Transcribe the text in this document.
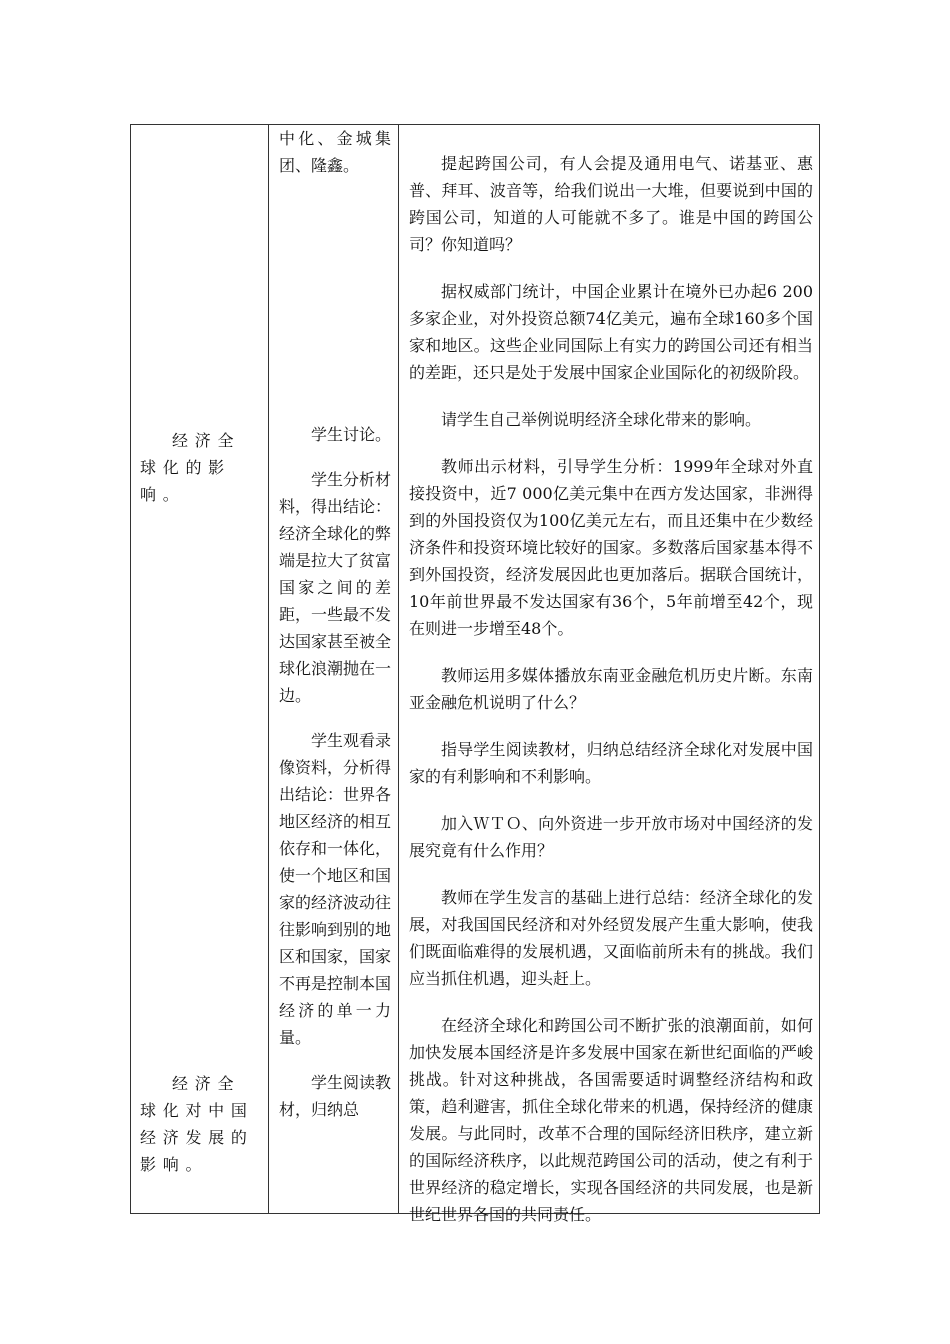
经济全球化的影响。

经济全球化对中国经济发展的影响。

中化、金城集团、隆鑫。

学生讨论。

学生分析材料，得出结论：经济全球化的弊端是拉大了贫富国家之间的差距，一些最不发达国家甚至被全球化浪潮抛在一边。

学生观看录像资料，分析得出结论：世界各地区经济的相互依存和一体化，使一个地区和国家的经济波动往往影响到别的地区和国家，国家不再是控制本国经济的单一力量。

学生阅读教材，归纳总

提起跨国公司，有人会提及通用电气、诺基亚、惠普、拜耳、波音等，给我们说出一大堆，但要说到中国的跨国公司，知道的人可能就不多了。谁是中国的跨国公司？你知道吗？

据权威部门统计，中国企业累计在境外已办起6 200多家企业，对外投资总额74亿美元，遍布全球160多个国家和地区。这些企业同国际上有实力的跨国公司还有相当的差距，还只是处于发展中国家企业国际化的初级阶段。

请学生自己举例说明经济全球化带来的影响。

教师出示材料，引导学生分析：1999年全球对外直接投资中，近7 000亿美元集中在西方发达国家，非洲得到的外国投资仅为100亿美元左右，而且还集中在少数经济条件和投资环境比较好的国家。多数落后国家基本得不到外国投资，经济发展因此也更加落后。据联合国统计，10年前世界最不发达国家有36个，5年前增至42个，现在则进一步增至48个。

教师运用多媒体播放东南亚金融危机历史片断。东南亚金融危机说明了什么？

指导学生阅读教材，归纳总结经济全球化对发展中国家的有利影响和不利影响。

加入ＷＴＯ、向外资进一步开放市场对中国经济的发展究竟有什么作用？

教师在学生发言的基础上进行总结：经济全球化的发展，对我国国民经济和对外经贸发展产生重大影响，使我们既面临难得的发展机遇，又面临前所未有的挑战。我们应当抓住机遇，迎头赶上。

在经济全球化和跨国公司不断扩张的浪潮面前，如何加快发展本国经济是许多发展中国家在新世纪面临的严峻挑战。针对这种挑战，各国需要适时调整经济结构和政策，趋利避害，抓住全球化带来的机遇，保持经济的健康发展。与此同时，改革不合理的国际经济旧秩序，建立新的国际经济秩序，以此规范跨国公司的活动，使之有利于世界经济的稳定增长，实现各国经济的共同发展，也是新世纪世界各国的共同责任。
